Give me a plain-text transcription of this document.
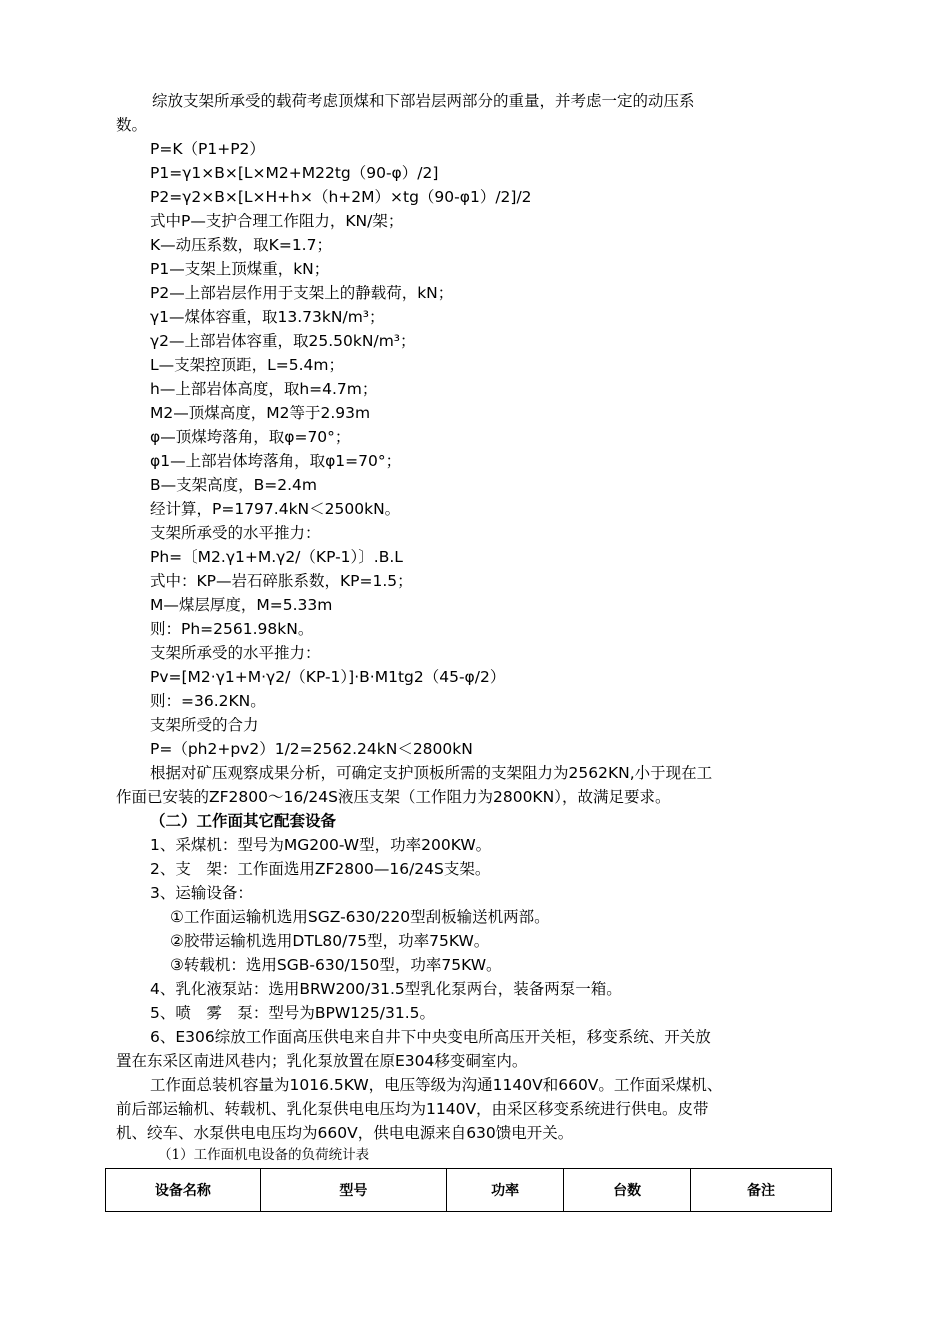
综放支架所承受的载荷考虑顶煤和下部岩层两部分的重量，并考虑一定的动压系
数。
P=K（P1+P2）
P1=γ1×B×[L×M2+M22tg（90-φ）/2]
P2=γ2×B×[L×H+h×（h+2M）×tg（90-φ1）/2]/2
式中P—支护合理工作阻力，KN/架；
K—动压系数，取K=1.7；
P1—支架上顶煤重，kN；
P2—上部岩层作用于支架上的静载荷，kN；
γ1—煤体容重，取13.73kN/m³；
γ2—上部岩体容重，取25.50kN/m³；
L—支架控顶距，L=5.4m；
h—上部岩体高度，取h=4.7m；
M2—顶煤高度，M2等于2.93m
φ—顶煤垮落角，取φ=70°；
φ1—上部岩体垮落角，取φ1=70°；
B—支架高度，B=2.4m
经计算，P=1797.4kN＜2500kN。
支架所承受的水平推力：
Ph=〔M2.γ1+M.γ2/（KP-1）〕.B.L
式中：KP—岩石碎胀系数，KP=1.5；
M—煤层厚度，M=5.33m
则：Ph=2561.98kN。
支架所承受的水平推力：
Pv=[M2·γ1+M·γ2/（KP-1）]·B·M1tg2（45-φ/2）
则：=36.2KN。
支架所受的合力
P=（ph2+pv2）1/2=2562.24kN＜2800kN
根据对矿压观察成果分析，可确定支护顶板所需的支架阻力为2562KN,小于现在工
作面已安装的ZF2800～16/24S液压支架（工作阻力为2800KN），故满足要求。
（二）工作面其它配套设备
1、采煤机：型号为MG200-W型，功率200KW。
2、支　架：工作面选用ZF2800—16/24S支架。
3、运输设备：
①工作面运输机选用SGZ-630/220型刮板输送机两部。
②胶带运输机选用DTL80/75型，功率75KW。
③转载机：选用SGB-630/150型，功率75KW。
4、乳化液泵站：选用BRW200/31.5型乳化泵两台，装备两泵一箱。
5、喷　雾　泵：型号为BPW125/31.5。
6、E306综放工作面高压供电来自井下中央变电所高压开关柜，移变系统、开关放
置在东采区南进风巷内；乳化泵放置在原E304移变硐室内。
工作面总装机容量为1016.5KW，电压等级为沟通1140V和660V。工作面采煤机、
前后部运输机、转载机、乳化泵供电电压均为1140V，由采区移变系统进行供电。皮带
机、绞车、水泵供电电压均为660V，供电电源来自630馈电开关。
（1）工作面机电设备的负荷统计表
设备名称	型号	功率	台数	备注
